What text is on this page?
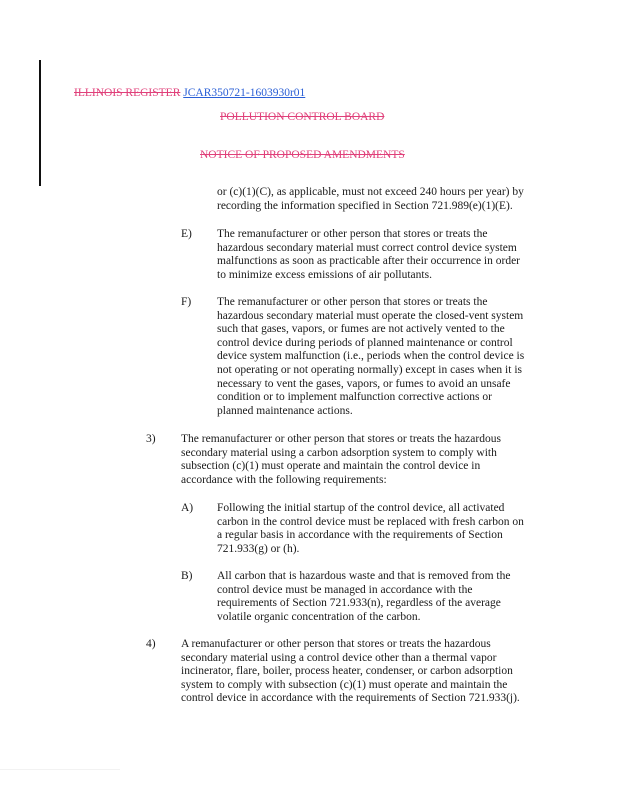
ILLINOIS REGISTER JCAR350721-1603930r01
POLLUTION CONTROL BOARD
NOTICE OF PROPOSED AMENDMENTS
or (c)(1)(C), as applicable, must not exceed 240 hours per year) by
recording the information specified in Section 721.989(e)(1)(E).
E) The remanufacturer or other person that stores or treats the
hazardous secondary material must correct control device system
malfunctions as soon as practicable after their occurrence in order
to minimize excess emissions of air pollutants.
F) The remanufacturer or other person that stores or treats the
hazardous secondary material must operate the closed-vent system
such that gases, vapors, or fumes are not actively vented to the
control device during periods of planned maintenance or control
device system malfunction (i.e., periods when the control device is
not operating or not operating normally) except in cases when it is
necessary to vent the gases, vapors, or fumes to avoid an unsafe
condition or to implement malfunction corrective actions or
planned maintenance actions.
3) The remanufacturer or other person that stores or treats the hazardous
secondary material using a carbon adsorption system to comply with
subsection (c)(1) must operate and maintain the control device in
accordance with the following requirements:
A) Following the initial startup of the control device, all activated
carbon in the control device must be replaced with fresh carbon on
a regular basis in accordance with the requirements of Section
721.933(g) or (h).
B) All carbon that is hazardous waste and that is removed from the
control device must be managed in accordance with the
requirements of Section 721.933(n), regardless of the average
volatile organic concentration of the carbon.
4) A remanufacturer or other person that stores or treats the hazardous
secondary material using a control device other than a thermal vapor
incinerator, flare, boiler, process heater, condenser, or carbon adsorption
system to comply with subsection (c)(1) must operate and maintain the
control device in accordance with the requirements of Section 721.933(j).
